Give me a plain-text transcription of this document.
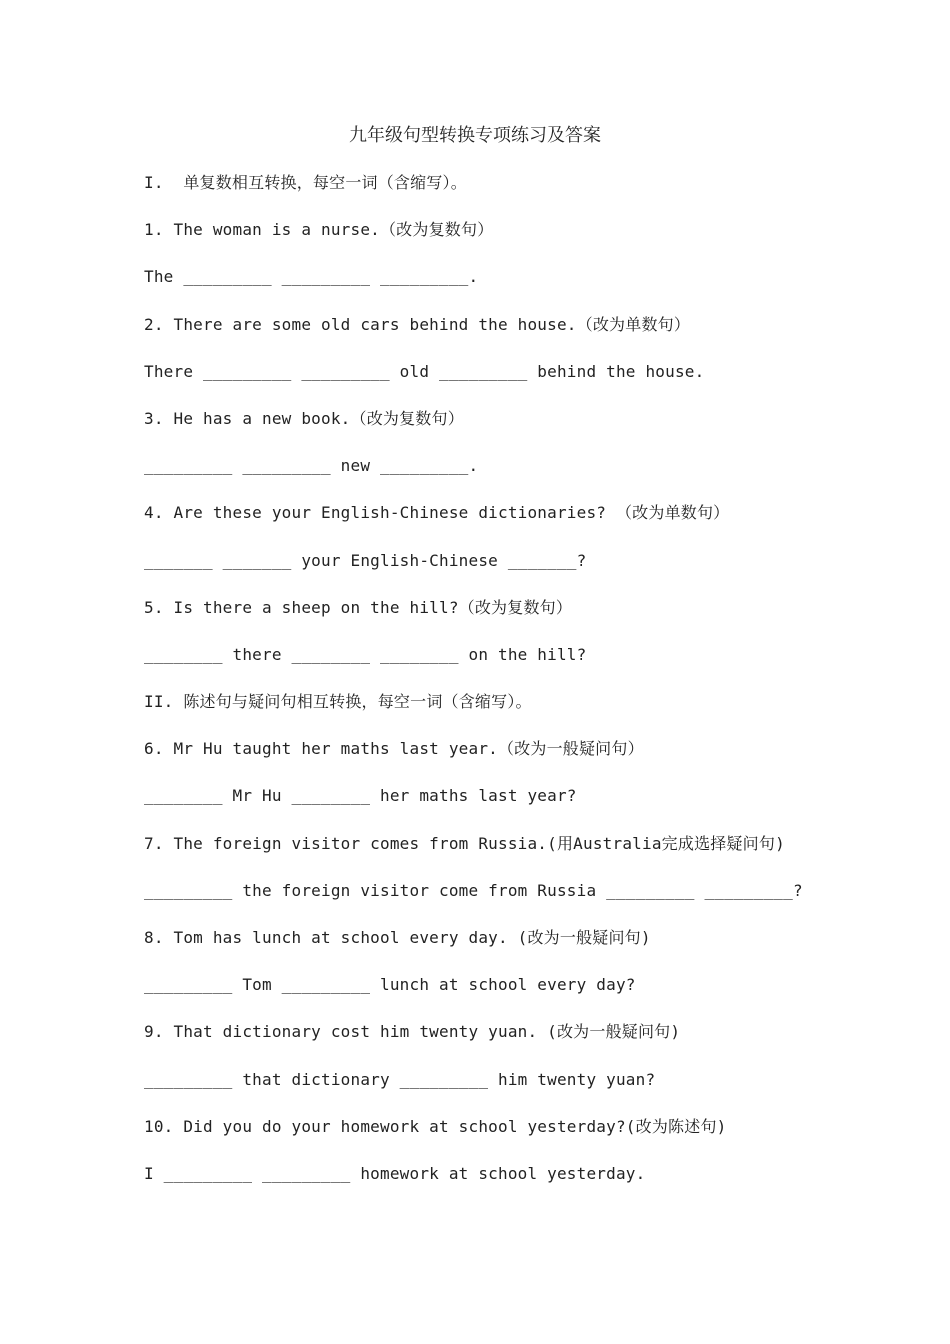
九年级句型转换专项练习及答案
I.  单复数相互转换，每空一词（含缩写）。
1. The woman is a nurse.（改为复数句）
The _________ _________ _________.
2. There are some old cars behind the house.（改为单数句）
There _________ _________ old _________ behind the house.
3. He has a new book.（改为复数句）
_________ _________ new _________.
4. Are these your English-Chinese dictionaries? （改为单数句）
_______ _______ your English-Chinese _______?
5. Is there a sheep on the hill?（改为复数句）
________ there ________ ________ on the hill?
II. 陈述句与疑问句相互转换，每空一词（含缩写）。
6. Mr Hu taught her maths last year.（改为一般疑问句）
________ Mr Hu ________ her maths last year?
7. The foreign visitor comes from Russia.(用Australia完成选择疑问句)
_________ the foreign visitor come from Russia _________ _________?
8. Tom has lunch at school every day. (改为一般疑问句)
_________ Tom _________ lunch at school every day?
9. That dictionary cost him twenty yuan. (改为一般疑问句)
_________ that dictionary _________ him twenty yuan?
10. Did you do your homework at school yesterday?(改为陈述句)
I _________ _________ homework at school yesterday.
